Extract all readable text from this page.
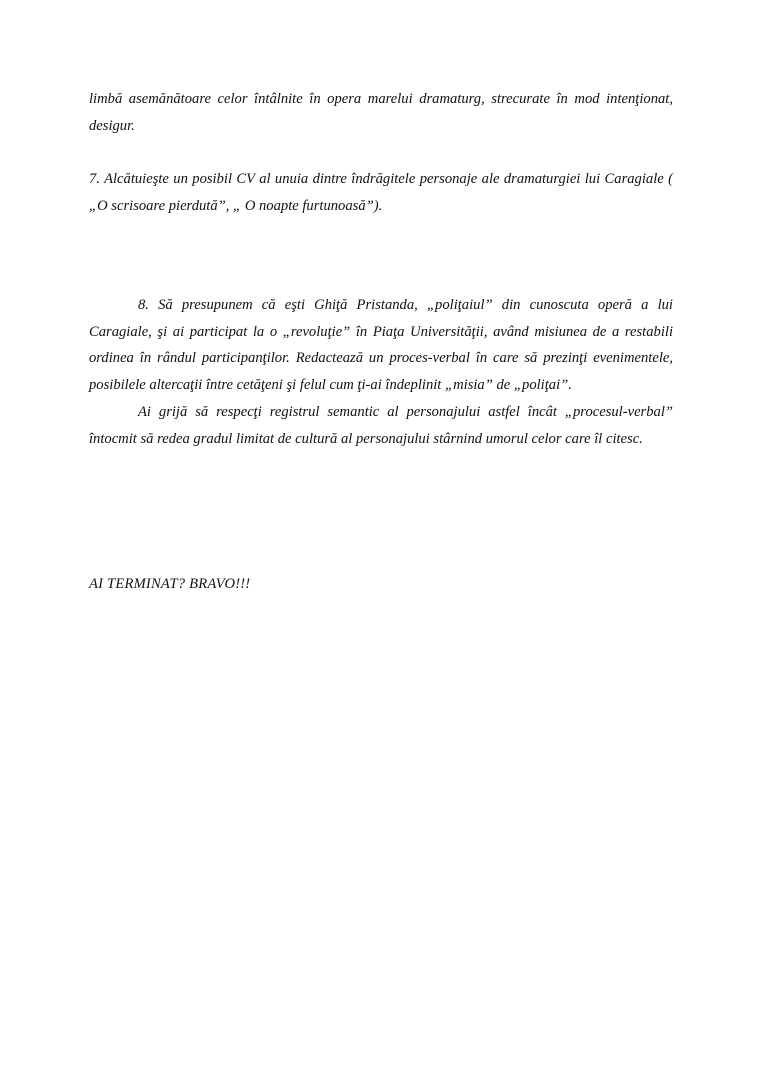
limbă asemănătoare celor întâlnite în opera marelui dramaturg, strecurate în mod intenţionat, desigur.

7. Alcătuieşte un posibil CV al unuia dintre îndrăgitele personaje ale dramaturgiei lui Caragiale ( „O scrisoare pierdută”, „ O noapte furtunoasă”).

8. Să presupunem că eşti Ghiţă Pristanda, „poliţaiul” din cunoscuta operă a lui Caragiale, şi ai participat la o „revoluţie” în Piaţa Universităţii, având misiunea de a restabili ordinea în rândul participanţilor. Redactează un proces-verbal în care să prezinţi evenimentele, posibilele altercaţii între cetăţeni şi felul cum ţi-ai îndeplinit „misia” de „poliţai”.
Ai grijă să respecţi registrul semantic al personajului astfel încât „procesul-verbal” întocmit să redea gradul limitat de cultură al personajului stârnind umorul celor care îl citesc.

AI TERMINAT? BRAVO!!!
